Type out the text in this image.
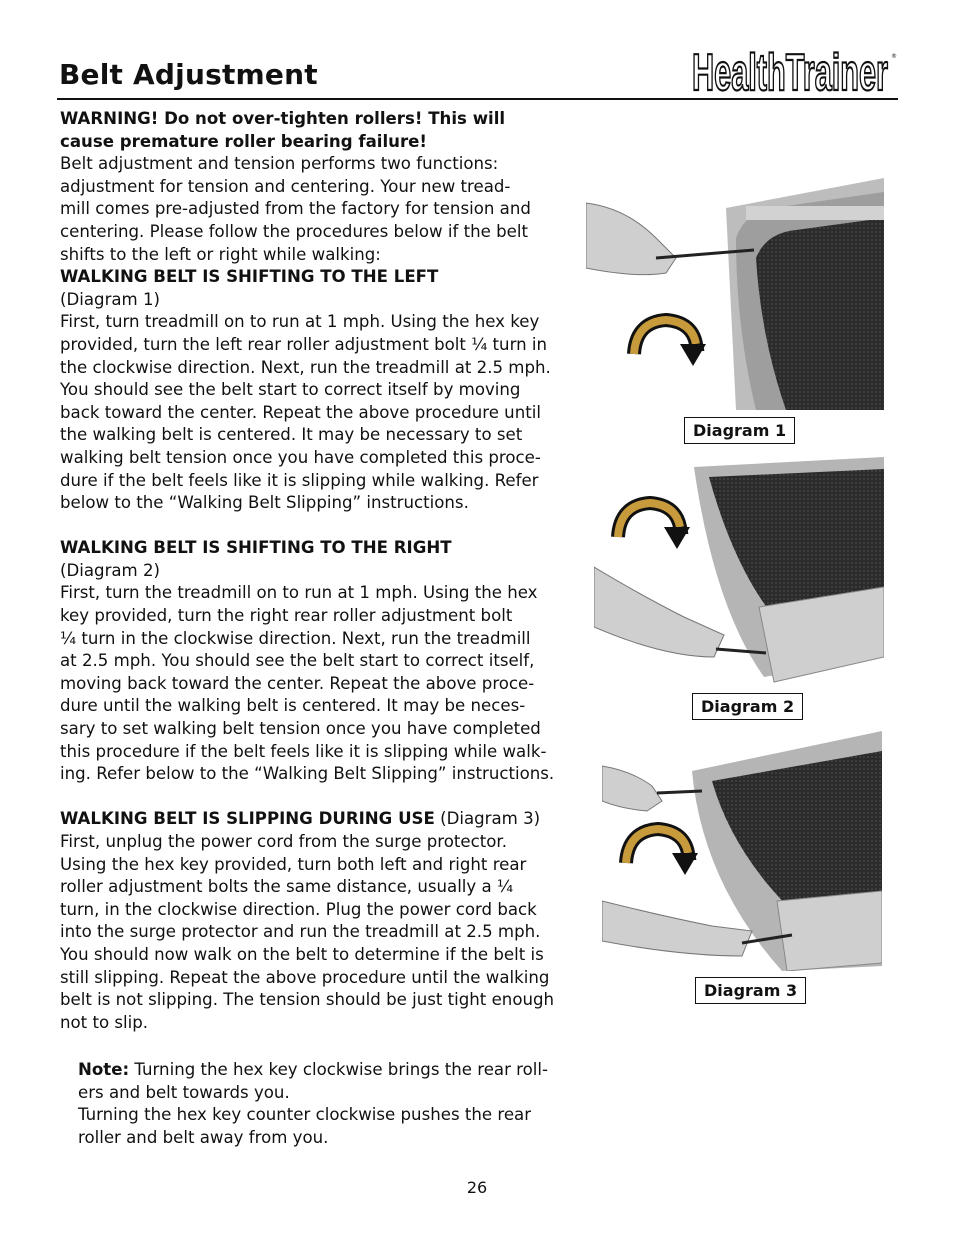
Belt Adjustment	HealthTrainer ®

WARNING! Do not over-tighten rollers! This will

cause premature roller bearing failure!

Belt adjustment and tension performs two functions:

adjustment for tension and centering. Your new tread-

mill comes pre-adjusted from the factory for tension and

centering. Please follow the procedures below if the belt

shifts to the left or right while walking:

WALKING BELT IS SHIFTING TO THE LEFT

(Diagram 1)

First, turn treadmill on to run at 1 mph. Using the hex key

provided, turn the left rear roller adjustment bolt ¼ turn in

the clockwise direction. Next, run the treadmill at 2.5 mph.

You should see the belt start to correct itself by moving

back toward the center. Repeat the above procedure until

the walking belt is centered. It may be necessary to set

walking belt tension once you have completed this proce-

dure if the belt feels like it is slipping while walking. Refer

below to the “Walking Belt Slipping” instructions.

WALKING BELT IS SHIFTING TO THE RIGHT

(Diagram 2)

First, turn the treadmill on to run at 1 mph. Using the hex

key provided, turn the right rear roller adjustment bolt

¼ turn in the clockwise direction. Next, run the treadmill

at 2.5 mph. You should see the belt start to correct itself,

moving back toward the center. Repeat the above proce-

dure until the walking belt is centered. It may be neces-

sary to set walking belt tension once you have completed

this procedure if the belt feels like it is slipping while walk-

ing. Refer below to the “Walking Belt Slipping” instructions.

WALKING BELT IS SLIPPING DURING USE (Diagram 3)

First, unplug the power cord from the surge protector.

Using the hex key provided, turn both left and right rear

roller adjustment bolts the same distance, usually a ¼

turn, in the clockwise direction. Plug the power cord back

into the surge protector and run the treadmill at 2.5 mph.

You should now walk on the belt to determine if the belt is

still slipping. Repeat the above procedure until the walking

belt is not slipping. The tension should be just tight enough

not to slip.

Note: Turning the hex key clockwise brings the rear roll-

ers and belt towards you.

Turning the hex key counter clockwise pushes the rear

roller and belt away from you.

Diagram 1
Diagram 2
Diagram 3
26
